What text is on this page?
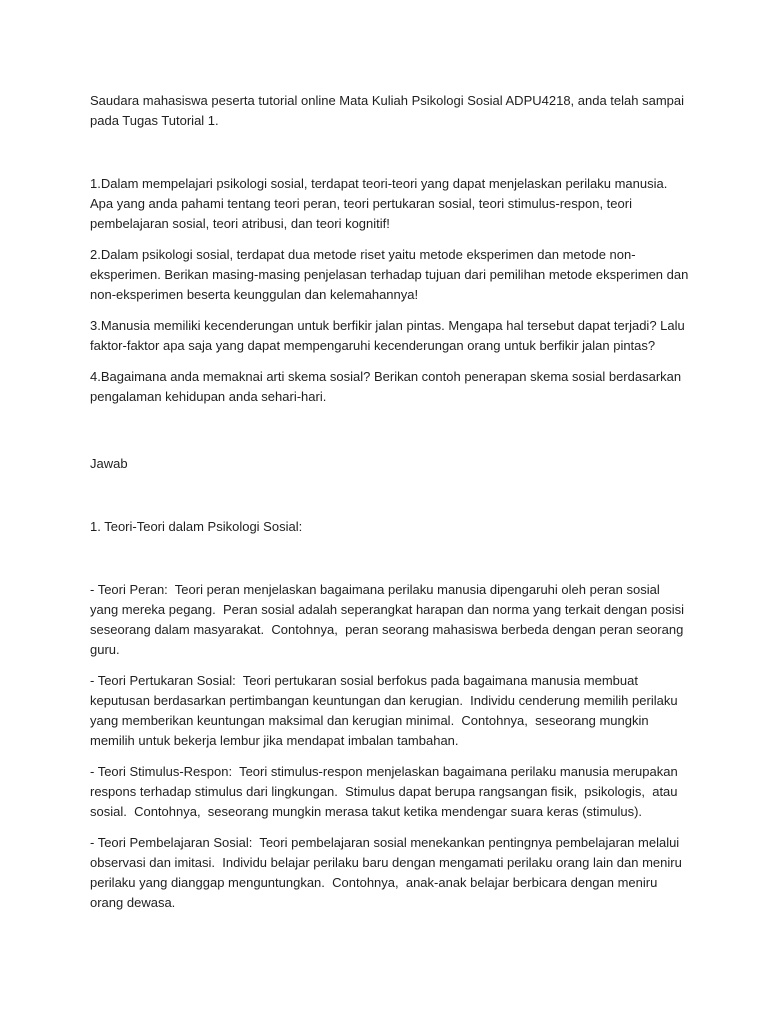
Saudara mahasiswa peserta tutorial online Mata Kuliah Psikologi Sosial ADPU4218, anda telah sampai pada Tugas Tutorial 1.

1.Dalam mempelajari psikologi sosial, terdapat teori-teori yang dapat menjelaskan perilaku manusia. Apa yang anda pahami tentang teori peran, teori pertukaran sosial, teori stimulus-respon, teori pembelajaran sosial, teori atribusi, dan teori kognitif!

2.Dalam psikologi sosial, terdapat dua metode riset yaitu metode eksperimen dan metode non-eksperimen. Berikan masing-masing penjelasan terhadap tujuan dari pemilihan metode eksperimen dan non-eksperimen beserta keunggulan dan kelemahannya!

3.Manusia memiliki kecenderungan untuk berfikir jalan pintas. Mengapa hal tersebut dapat terjadi? Lalu faktor-faktor apa saja yang dapat mempengaruhi kecenderungan orang untuk berfikir jalan pintas?

4.Bagaimana anda memaknai arti skema sosial? Berikan contoh penerapan skema sosial berdasarkan pengalaman kehidupan anda sehari-hari.

Jawab

1. Teori-Teori dalam Psikologi Sosial:

- Teori Peran:  Teori peran menjelaskan bagaimana perilaku manusia dipengaruhi oleh peran sosial yang mereka pegang.  Peran sosial adalah seperangkat harapan dan norma yang terkait dengan posisi seseorang dalam masyarakat.  Contohnya,  peran seorang mahasiswa berbeda dengan peran seorang guru.

- Teori Pertukaran Sosial:  Teori pertukaran sosial berfokus pada bagaimana manusia membuat keputusan berdasarkan pertimbangan keuntungan dan kerugian.  Individu cenderung memilih perilaku yang memberikan keuntungan maksimal dan kerugian minimal.  Contohnya,  seseorang mungkin memilih untuk bekerja lembur jika mendapat imbalan tambahan.

- Teori Stimulus-Respon:  Teori stimulus-respon menjelaskan bagaimana perilaku manusia merupakan respons terhadap stimulus dari lingkungan.  Stimulus dapat berupa rangsangan fisik,  psikologis,  atau sosial.  Contohnya,  seseorang mungkin merasa takut ketika mendengar suara keras (stimulus).

- Teori Pembelajaran Sosial:  Teori pembelajaran sosial menekankan pentingnya pembelajaran melalui observasi dan imitasi.  Individu belajar perilaku baru dengan mengamati perilaku orang lain dan meniru perilaku yang dianggap menguntungkan.  Contohnya,  anak-anak belajar berbicara dengan meniru orang dewasa.
